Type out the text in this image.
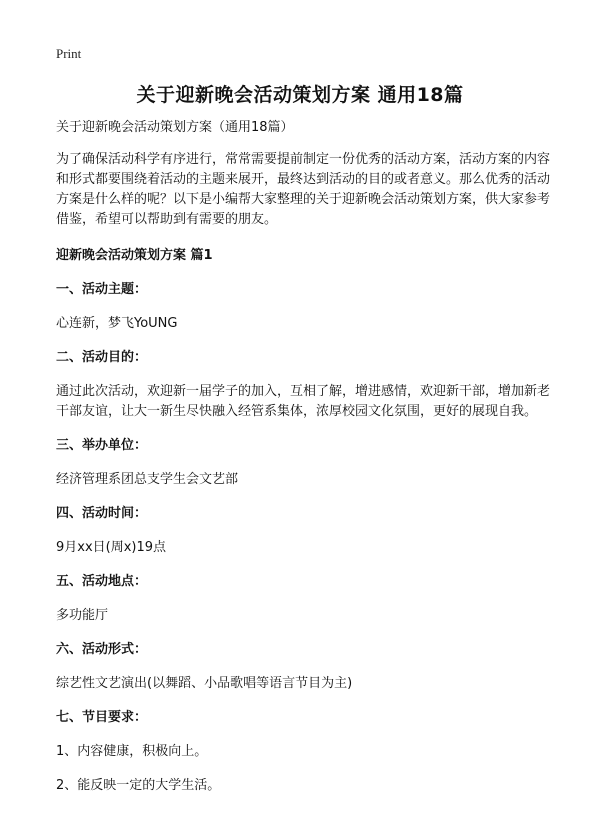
Print
关于迎新晚会活动策划方案 通用18篇

关于迎新晚会活动策划方案（通用18篇）

为了确保活动科学有序进行，常常需要提前制定一份优秀的活动方案，活动方案的内容和形式都要围绕着活动的主题来展开，最终达到活动的目的或者意义。那么优秀的活动方案是什么样的呢？以下是小编帮大家整理的关于迎新晚会活动策划方案，供大家参考借鉴，希望可以帮助到有需要的朋友。

迎新晚会活动策划方案 篇1

一、活动主题：

心连新，梦飞YoUNG

二、活动目的：

通过此次活动，欢迎新一届学子的加入，互相了解，增进感情，欢迎新干部，增加新老干部友谊，让大一新生尽快融入经管系集体，浓厚校园文化氛围，更好的展现自我。

三、举办单位：

经济管理系团总支学生会文艺部

四、活动时间：

9月xx日(周x)19点

五、活动地点：

多功能厅

六、活动形式：

综艺性文艺演出(以舞蹈、小品歌唱等语言节目为主)

七、节目要求：

1、内容健康，积极向上。

2、能反映一定的大学生活。
